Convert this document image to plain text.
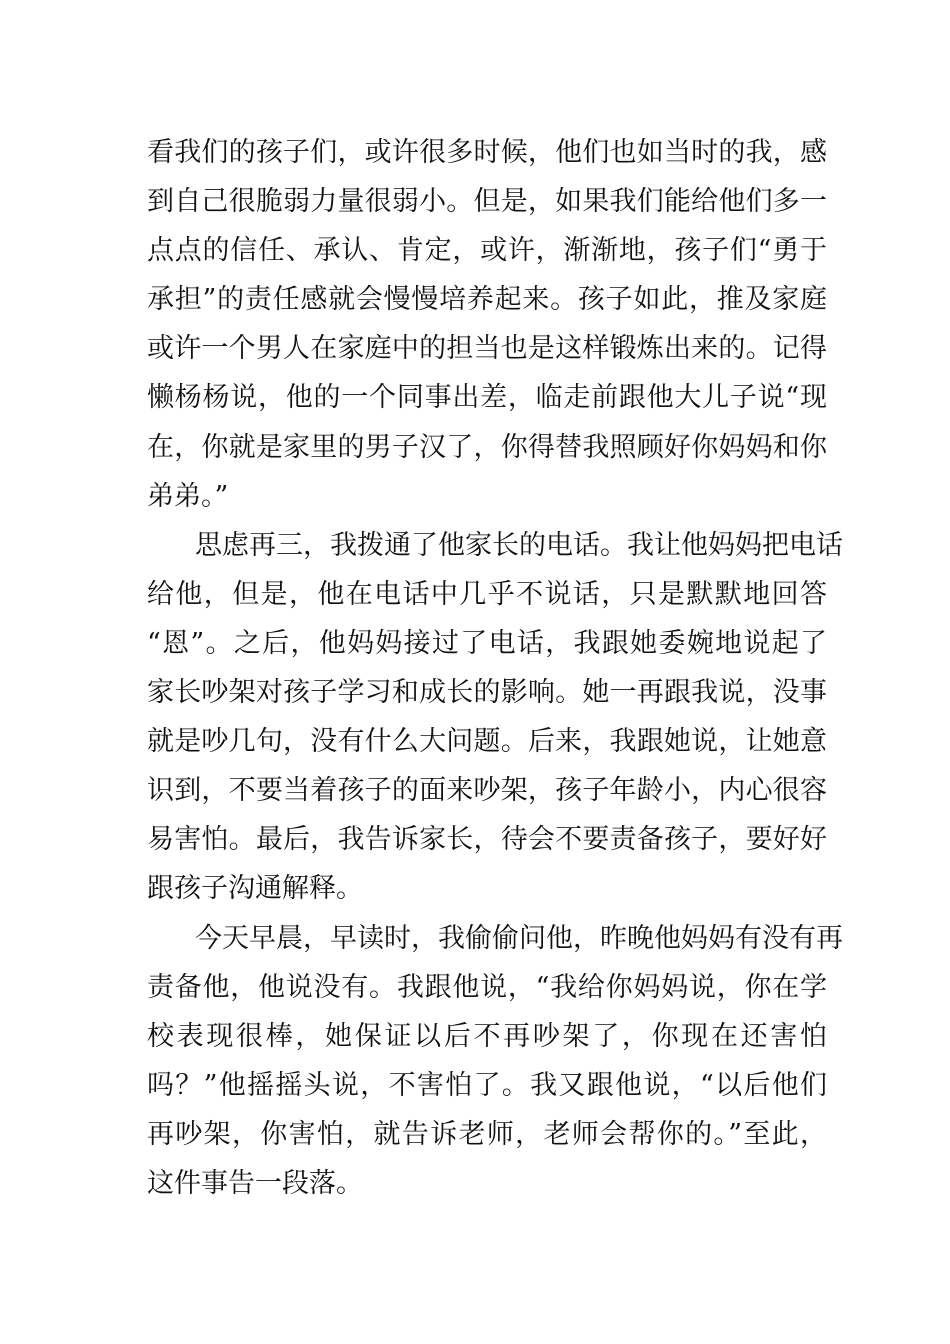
看我们的孩子们，或许很多时候，他们也如当时的我，感
到自己很脆弱力量很弱小。但是，如果我们能给他们多一
点点的信任、承认、肯定，或许，渐渐地，孩子们“勇于
承担”的责任感就会慢慢培养起来。孩子如此，推及家庭
或许一个男人在家庭中的担当也是这样锻炼出来的。记得
懒杨杨说，他的一个同事出差，临走前跟他大儿子说“现
在，你就是家里的男子汉了，你得替我照顾好你妈妈和你
弟弟。”
思虑再三，我拨通了他家长的电话。我让他妈妈把电话
给他，但是，他在电话中几乎不说话，只是默默地回答
“恩”。之后，他妈妈接过了电话，我跟她委婉地说起了
家长吵架对孩子学习和成长的影响。她一再跟我说，没事
就是吵几句，没有什么大问题。后来，我跟她说，让她意
识到，不要当着孩子的面来吵架，孩子年龄小，内心很容
易害怕。最后，我告诉家长，待会不要责备孩子，要好好
跟孩子沟通解释。
今天早晨，早读时，我偷偷问他，昨晚他妈妈有没有再
责备他，他说没有。我跟他说，“我给你妈妈说，你在学
校表现很棒，她保证以后不再吵架了，你现在还害怕
吗？”他摇摇头说，不害怕了。我又跟他说，“以后他们
再吵架，你害怕，就告诉老师，老师会帮你的。”至此，
这件事告一段落。
